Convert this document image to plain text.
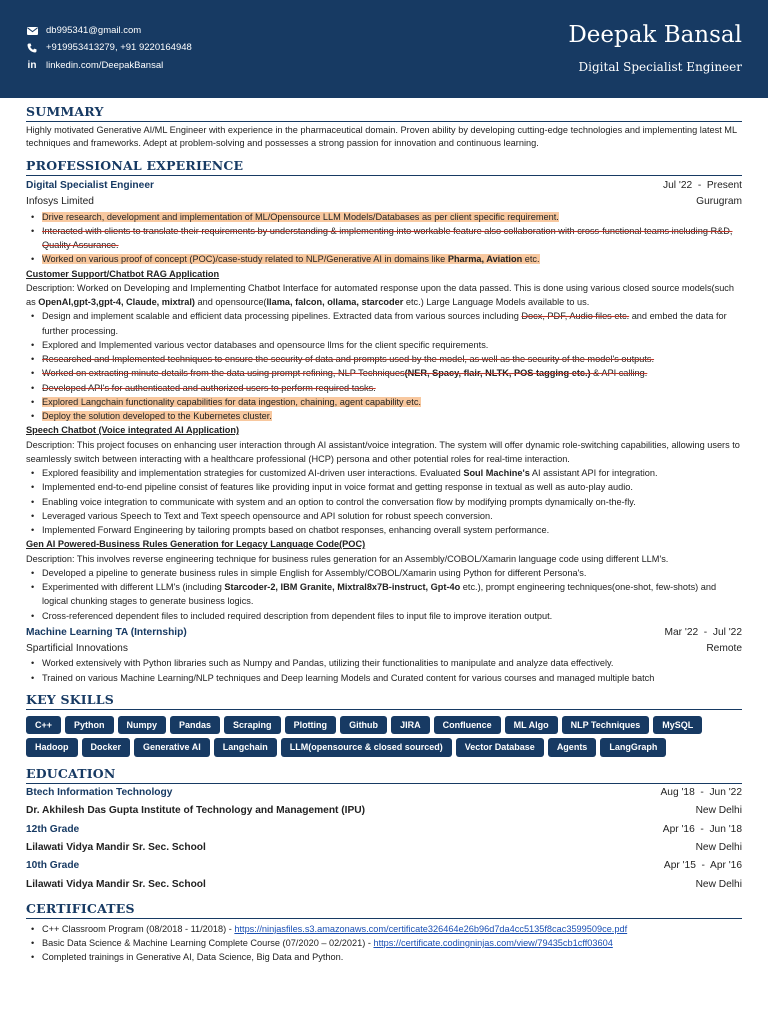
db995341@gmail.com
+919953413279, +91 9220164948
in linkedin.com/DeepakBansal
Deepak Bansal
Digital Specialist Engineer
SUMMARY
Highly motivated Generative AI/ML Engineer with experience in the pharmaceutical domain. Proven ability by developing cutting-edge technologies and implementing latest ML techniques and frameworks. Adept at problem-solving and possesses a strong passion for innovation and continuous learning.
PROFESSIONAL EXPERIENCE
Digital Specialist Engineer	Jul '22  -  Present
Infosys Limited	Gurugram
• Drive research, development and implementation of ML/Opensource LLM Models/Databases as per client specific requirement.
• Interacted with clients to translate their requirements by understanding & implementing into workable feature also collaboration with cross-functional teams including R&D, Quality Assurance.
• Worked on various proof of concept (POC)/case-study related to NLP/Generative AI in domains like Pharma, Aviation etc.
Customer Support/Chatbot RAG Application
Description: Worked on Developing and Implementing Chatbot Interface for automated response upon the data passed. This is done using various closed source models(such as OpenAI,gpt-3,gpt-4, Claude, mixtral) and opensource(llama, falcon, ollama, starcoder etc.) Large Language Models available to us.
• Design and implement scalable and efficient data processing pipelines. Extracted data from various sources including Docx, PDF, Audio files etc. and embed the data for further processing.
• Explored and Implemented various vector databases and opensource llms for the client specific requirements.
• Researched and Implemented techniques to ensure the security of data and prompts used by the model, as well as the security of the model's outputs.
• Worked on extracting minute details from the data using prompt refining, NLP Techniques(NER, Spacy, flair, NLTK, POS tagging etc.) & API calling.
• Developed API's for authenticated and authorized users to perform required tasks.
• Explored Langchain functionality capabilities for data ingestion, chaining, agent capability etc.
• Deploy the solution developed to the Kubernetes cluster.
Speech Chatbot (Voice integrated AI Application)
Description: This project focuses on enhancing user interaction through AI assistant/voice integration. The system will offer dynamic role-switching capabilities, allowing users to seamlessly switch between interacting with a healthcare professional (HCP) persona and other potential roles for real-time interaction.
• Explored feasibility and implementation strategies for customized AI-driven user interactions. Evaluated Soul Machine's AI assistant API for integration.
• Implemented end-to-end pipeline consist of features like providing input in voice format and getting response in textual as well as auto-play audio.
• Enabling voice integration to communicate with system and an option to control the conversation flow by modifying prompts dynamically on-the-fly.
• Leveraged various Speech to Text and Text speech opensource and API solution for robust speech conversion.
• Implemented Forward Engineering by tailoring prompts based on chatbot responses, enhancing overall system performance.
Gen AI Powered-Business Rules Generation for Legacy Language Code(POC)
Description: This involves reverse engineering technique for business rules generation for an Assembly/COBOL/Xamarin language code using different LLM's.
• Developed a pipeline to generate business rules in simple English for Assembly/COBOL/Xamarin using Python for different Persona's.
• Experimented with different LLM's (including Starcoder-2, IBM Granite, Mixtral8x7B-instruct, Gpt-4o etc.), prompt engineering techniques(one-shot, few-shots) and logical chunking stages to generate business logics.
• Cross-referenced dependent files to included required description from dependent files to input file to improve iteration output.
Machine Learning TA (Internship)	Mar '22  -  Jul '22
Spartificial Innovations	Remote
• Worked extensively with Python libraries such as Numpy and Pandas, utilizing their functionalities to manipulate and analyze data effectively.
• Trained on various Machine Learning/NLP techniques and Deep learning Models and Curated content for various courses and managed multiple batch
KEY SKILLS
C++	Python	Numpy	Pandas	Scraping	Plotting	Github	JIRA	Confluence	ML Algo	NLP Techniques	MySQL
Hadoop	Docker	Generative AI	Langchain	LLM(opensource & closed sourced)	Vector Database	Agents	LangGraph
EDUCATION
Btech Information Technology	Aug '18  -  Jun '22
Dr. Akhilesh Das Gupta Institute of Technology and Management (IPU)	New Delhi
12th Grade	Apr '16  -  Jun '18
Lilawati Vidya Mandir Sr. Sec. School	New Delhi
10th Grade	Apr '15  -  Apr '16
Lilawati Vidya Mandir Sr. Sec. School	New Delhi
CERTIFICATES
• C++ Classroom Program (08/2018 - 11/2018) - https://ninjasfiles.s3.amazonaws.com/certificate326464e26b96d7da4cc5135f8cac3599509ce.pdf
• Basic Data Science & Machine Learning Complete Course (07/2020 – 02/2021) - https://certificate.codingninjas.com/view/79435cb1cff03604
• Completed trainings in Generative AI, Data Science, Big Data and Python.
